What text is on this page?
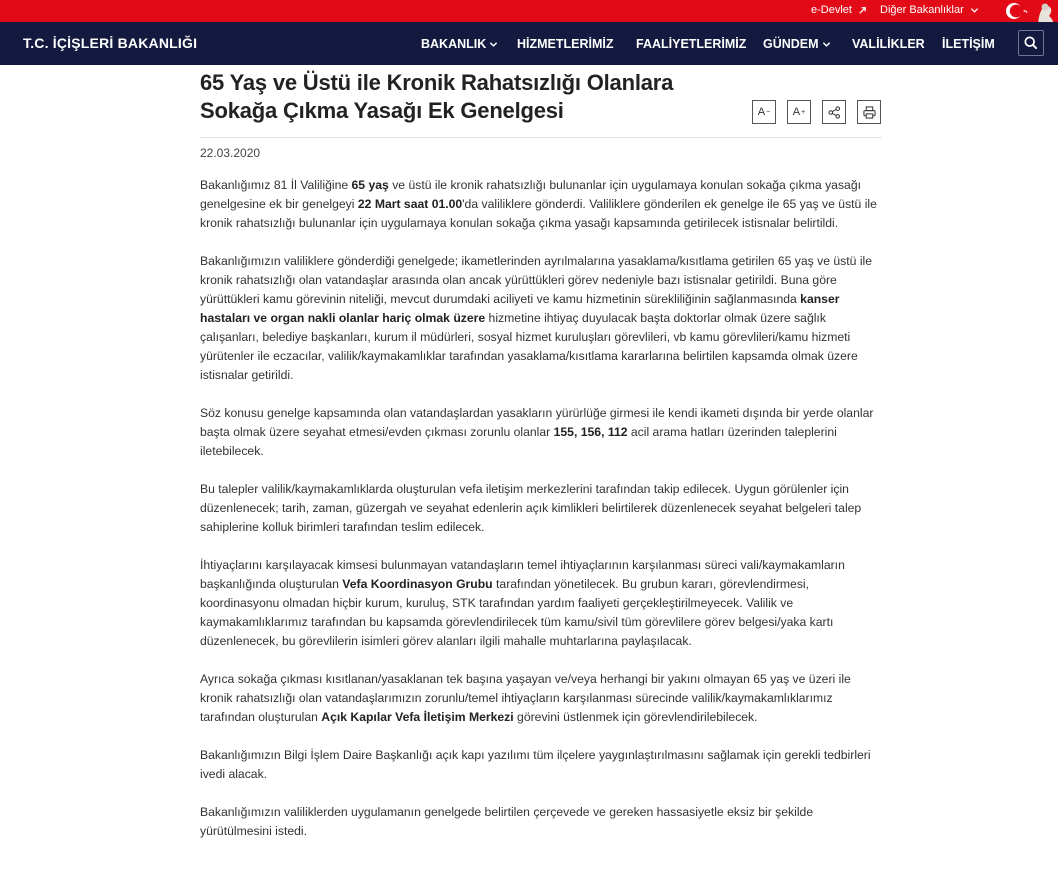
e-Devlet	Diğer Bakanlıklar
T.C. İÇİŞLERİ BAKANLIĞI	BAKANLIK HİZMETLERİMİZ FAALİYETLERİMİZ GÜNDEM	VALİLİKLER İLETİŞİM
65 Yaş ve Üstü ile Kronik Rahatsızlığı Olanlara
Sokağa Çıkma Yasağı Ek Genelgesi	A − A +
22.03.2020

Bakanlığımız 81 İl Valiliğine 65 yaş ve üstü ile kronik rahatsızlığı bulunanlar için uygulamaya konulan sokağa çıkma yasağı genelgesine ek bir genelgeyi 22 Mart saat 01.00'da valiliklere gönderdi. Valiliklere gönderilen ek genelge ile 65 yaş ve üstü ile kronik rahatsızlığı bulunanlar için uygulamaya konulan sokağa çıkma yasağı kapsamında getirilecek istisnalar belirtildi.

Bakanlığımızın valiliklere gönderdiği genelgede; ikametlerinden ayrılmalarına yasaklama/kısıtlama getirilen 65 yaş ve üstü ile kronik rahatsızlığı olan vatandaşlar arasında olan ancak yürüttükleri görev nedeniyle bazı istisnalar getirildi. Buna göre yürüttükleri kamu görevinin niteliği, mevcut durumdaki aciliyeti ve kamu hizmetinin sürekliliğinin sağlanmasında kanser hastaları ve organ nakli olanlar hariç olmak üzere hizmetine ihtiyaç duyulacak başta doktorlar olmak üzere sağlık çalışanları, belediye başkanları, kurum il müdürleri, sosyal hizmet kuruluşları görevlileri, vb kamu görevlileri/kamu hizmeti yürütenler ile eczacılar, valilik/kaymakamlıklar tarafından yasaklama/kısıtlama kararlarına belirtilen kapsamda olmak üzere istisnalar getirildi.

Söz konusu genelge kapsamında olan vatandaşlardan yasakların yürürlüğe girmesi ile kendi ikameti dışında bir yerde olanlar başta olmak üzere seyahat etmesi/evden çıkması zorunlu olanlar 155, 156, 112 acil arama hatları üzerinden taleplerini iletebilecek.

Bu talepler valilik/kaymakamlıklarda oluşturulan vefa iletişim merkezlerini tarafından takip edilecek. Uygun görülenler için düzenlenecek; tarih, zaman, güzergah ve seyahat edenlerin açık kimlikleri belirtilerek düzenlenecek seyahat belgeleri talep sahiplerine kolluk birimleri tarafından teslim edilecek.

İhtiyaçlarını karşılayacak kimsesi bulunmayan vatandaşların temel ihtiyaçlarının karşılanması süreci vali/kaymakamların başkanlığında oluşturulan Vefa Koordinasyon Grubu tarafından yönetilecek. Bu grubun kararı, görevlendirmesi, koordinasyonu olmadan hiçbir kurum, kuruluş, STK tarafından yardım faaliyeti gerçekleştirilmeyecek. Valilik ve kaymakamlıklarımız tarafından bu kapsamda görevlendirilecek tüm kamu/sivil tüm görevlilere görev belgesi/yaka kartı düzenlenecek, bu görevlilerin isimleri görev alanları ilgili mahalle muhtarlarına paylaşılacak.

Ayrıca sokağa çıkması kısıtlanan/yasaklanan tek başına yaşayan ve/veya herhangi bir yakını olmayan 65 yaş ve üzeri ile kronik rahatsızlığı olan vatandaşlarımızın zorunlu/temel ihtiyaçların karşılanması sürecinde valilik/kaymakamlıklarımız tarafından oluşturulan Açık Kapılar Vefa İletişim Merkezi görevini üstlenmek için görevlendirilebilecek.

Bakanlığımızın Bilgi İşlem Daire Başkanlığı açık kapı yazılımı tüm ilçelere yaygınlaştırılmasını sağlamak için gerekli tedbirleri ivedi alacak.

Bakanlığımızın valiliklerden uygulamanın genelgede belirtilen çerçevede ve gereken hassasiyetle eksiz bir şekilde yürütülmesini istedi.
